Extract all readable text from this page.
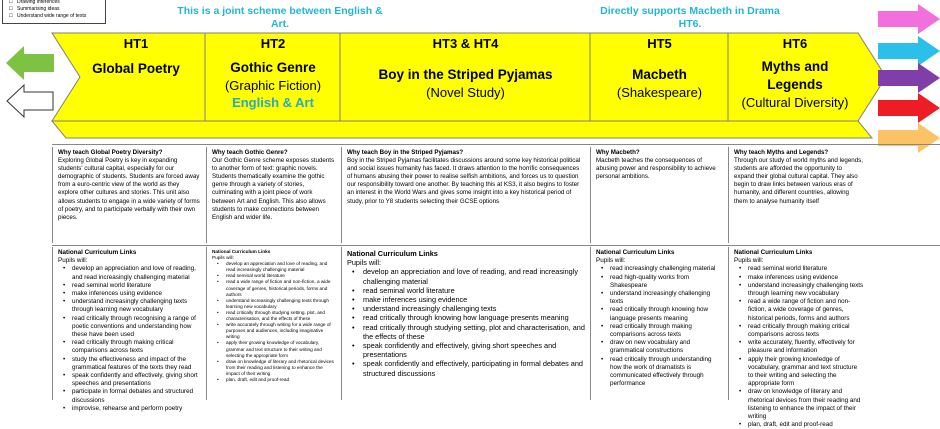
□ Drawing inferences
□ Summarising ideas
□ Understand wide range of texts	This is a joint scheme between English & Art.
Directly supports Macbeth in Drama HT6.
HT1
Global Poetry
HT2
Gothic Genre
(Graphic Fiction)
English & Art
HT3 & HT4
Boy in the Striped Pyjamas
(Novel Study)
HT5
Macbeth
(Shakespeare)
HT6
Myths and Legends
(Cultural Diversity)
Why teach Global Poetry Diversity?
Exploring Global Poetry is key in expanding students' cultural capital, especially for our demographic of students. Students are forced away from a euro-centric view of the world as they explore other cultures and stories. This unit also allows students to engage in a wide variety of forms of poetry, and to participate verbally with their own pieces.
Why teach Gothic Genre?
Our Gothic Genre scheme exposes students to another form of text: graphic novels. Students thematically examine the gothic genre through a variety of stories, culminating with a joint piece of work between Art and English. This also allows students to make connections between English and wider life.
Why teach Boy in the Striped Pyjamas?
Boy in the Striped Pyjamas facilitates discussions around some key historical political and social issues humanity has faced. It draws attention to the horrific consequences of humans abusing their power to realise selfish ambitions, and forces us to question our responsibility toward one another. By teaching this at KS3, it also begins to foster an interest in the World Wars and gives some insight into a key historical period of study, prior to Y8 students selecting their GCSE options
Why Macbeth?
Macbeth teaches the consequences of abusing power and responsibility to achieve personal ambitions.
Why teach Myths and Legends?
Through our study of world myths and legends, students are afforded the opportunity to expand their global cultural capital. They also begin to draw links between various eras of humanity, and different countries, allowing them to analyse humanity itself
National Curriculum Links
Pupils will:
• develop an appreciation and love of reading, and read increasingly challenging material
• read seminal world literature
• make inferences using evidence
• understand increasingly challenging texts through learning new vocabulary
• read critically through recognising a range of poetic conventions and understanding how these have been used
• read critically through making critical comparisons across texts
• study the effectiveness and impact of the grammatical features of the texts they read
• speak confidently and effectively, giving short speeches and presentations
• participate in formal debates and structured discussions
• improvise, rehearse and perform poetry
National Curriculum Links
Pupils will:
• develop an appreciation and love of reading, and read increasingly challenging material
• read seminal world literature
• read a wide range of fiction and non-fiction, a wide coverage of genres, historical periods, forms and authors
• understand increasingly challenging texts through learning new vocabulary
• read critically through studying setting, plot, and characterisation, and the effects of these
• write accurately through writing for a wide range of purposes and audiences, including imaginative writing
• apply their growing knowledge of vocabulary, grammar and text structure to their writing and selecting the appropriate form
• draw on knowledge of literary and rhetorical devices from their reading and listening to enhance the impact of their writing
• plan, draft, edit and proof-read
National Curriculum Links
Pupils will:
• develop an appreciation and love of reading, and read increasingly challenging material
• read seminal world literature
• make inferences using evidence
• understand increasingly challenging texts
• read critically through knowing how language presents meaning
• read critically through studying setting, plot and characterisation, and the effects of these
• speak confidently and effectively, giving short speeches and presentations
• speak confidently and effectively, participating in formal debates and structured discussions
National Curriculum Links
Pupils will:
• read increasingly challenging material
• read high-quality works from Shakespeare
• understand increasingly challenging texts
• read critically through knowing how language presents meaning
• read critically through making comparisons across texts
• draw on new vocabulary and grammatical constructions
• read critically through understanding how the work of dramatists is communicated effectively through performance
National Curriculum Links
Pupils will:
• read seminal world literature
• make inferences using evidence
• understand increasingly challenging texts through learning new vocabulary
• read a wide range of fiction and non-fiction, a wide coverage of genres, historical periods, forms and authors
• read critically through making critical comparisons across texts
• write accurately, fluently, effectively for pleasure and information
• apply their growing knowledge of vocabulary, grammar and text structure to their writing and selecting the appropriate form
• draw on knowledge of literary and rhetorical devices from their reading and listening to enhance the impact of their writing
• plan, draft, edit and proof-read
